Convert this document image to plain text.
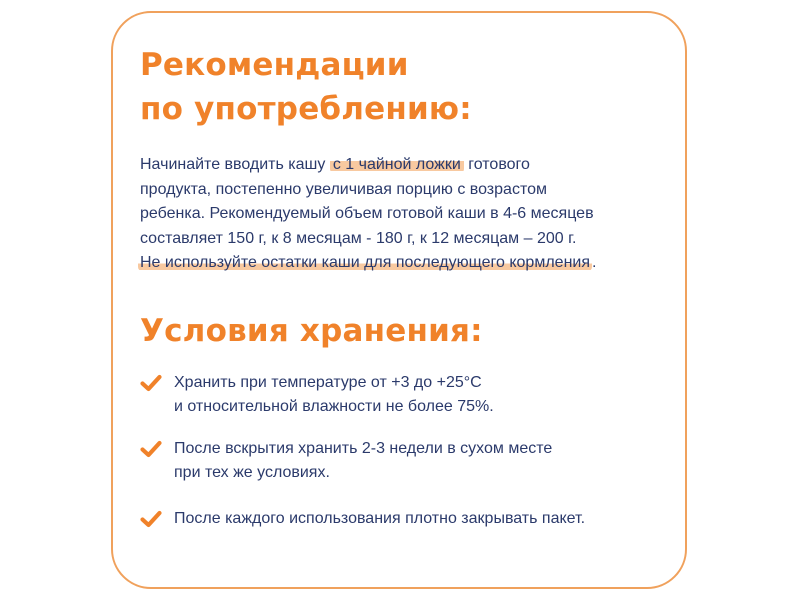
Рекомендации
по употреблению:
Начинайте вводить кашу с 1 чайной ложки готового
продукта, постепенно увеличивая порцию с возрастом
ребенка. Рекомендуемый объем готовой каши в 4-6 месяцев
составляет 150 г, к 8 месяцам - 180 г, к 12 месяцам – 200 г.
Не используйте остатки каши для последующего кормления .
Условия хранения:
Хранить при температуре от +3 до +25°С
и относительной влажности не более 75%.
После вскрытия хранить 2-3 недели в сухом месте
при тех же условиях.
После каждого использования плотно закрывать пакет.
